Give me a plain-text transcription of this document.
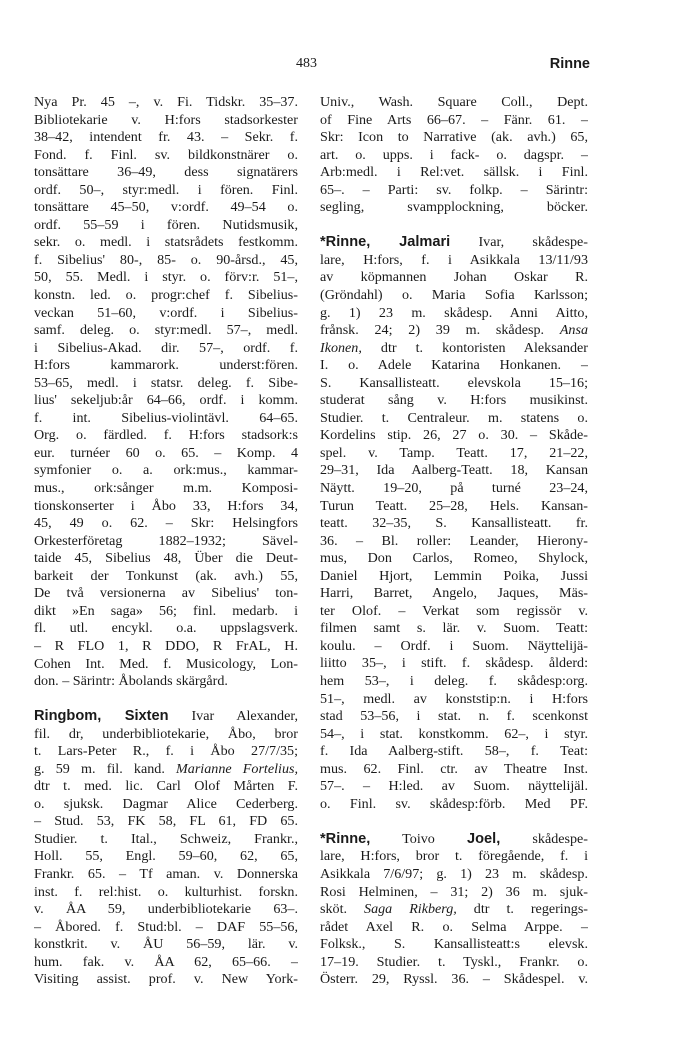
483	Rinne
Nya Pr. 45 –, v. Fi. Tidskr. 35–37.
Bibliotekarie v. H:fors stadsorkester
38–42, intendent fr. 43. – Sekr. f.
Fond. f. Finl. sv. bildkonstnärer o.
tonsättare 36–49, dess signatärers
ordf. 50–, styr:medl. i fören. Finl.
tonsättare 45–50, v:ordf. 49–54 o.
ordf. 55–59 i fören. Nutidsmusik,
sekr. o. medl. i statsrådets festkomm.
f. Sibelius' 80-, 85- o. 90-årsd., 45,
50, 55. Medl. i styr. o. förv:r. 51–,
konstn. led. o. progr:chef f. Sibelius-
veckan 51–60, v:ordf. i Sibelius-
samf. deleg. o. styr:medl. 57–, medl.
i Sibelius-Akad. dir. 57–, ordf. f.
H:fors kammarork. underst:fören.
53–65, medl. i statsr. deleg. f. Sibe-
lius' sekeljub:år 64–66, ordf. i komm.
f. int. Sibelius-violintävl. 64–65.
Org. o. färdled. f. H:fors stadsork:s
eur. turnéer 60 o. 65. – Komp. 4
symfonier o. a. ork:mus., kammar-
mus., ork:sånger m.m. Komposi-
tionskonserter i Åbo 33, H:fors 34,
45, 49 o. 62. – Skr: Helsingfors
Orkesterföretag 1882–1932; Sävel-
taide 45, Sibelius 48, Über die Deut-
barkeit der Tonkunst (ak. avh.) 55,
De två versionerna av Sibelius' ton-
dikt »En saga» 56; finl. medarb. i
fl. utl. encykl. o.a. uppslagsverk.
– R FLO 1, R DDO, R FrAL, H.
Cohen Int. Med. f. Musicology, Lon-
don. – Särintr: Åbolands skärgård.
Ringbom, Sixten Ivar Alexander,
fil. dr, underbibliotekarie, Åbo, bror
t. Lars-Peter R., f. i Åbo 27/7/35;
g. 59 m. fil. kand. Marianne Fortelius,
dtr t. med. lic. Carl Olof Mårten F.
o. sjuksk. Dagmar Alice Cederberg.
– Stud. 53, FK 58, FL 61, FD 65.
Studier. t. Ital., Schweiz, Frankr.,
Holl. 55, Engl. 59–60, 62, 65,
Frankr. 65. – Tf aman. v. Donnerska
inst. f. rel:hist. o. kulturhist. forskn.
v. ÅA 59, underbibliotekarie 63–.
– Åbored. f. Stud:bl. – DAF 55–56,
konstkrit. v. ÅU 56–59, lär. v.
hum. fak. v. ÅA 62, 65–66. –
Visiting assist. prof. v. New York-
Univ., Wash. Square Coll., Dept.
of Fine Arts 66–67. – Fänr. 61. –
Skr: Icon to Narrative (ak. avh.) 65,
art. o. upps. i fack- o. dagspr. –
Arb:medl. i Rel:vet. sällsk. i Finl.
65–. – Parti: sv. folkp. – Särintr:
segling, svampplockning, böcker.
*Rinne, Jalmari Ivar, skådespe-
lare, H:fors, f. i Asikkala 13/11/93
av köpmannen Johan Oskar R.
(Gröndahl) o. Maria Sofia Karlsson;
g. 1) 23 m. skådesp. Anni Aitto,
frånsk. 24; 2) 39 m. skådesp. Ansa
Ikonen, dtr t. kontoristen Aleksander
I. o. Adele Katarina Honkanen. –
S. Kansallisteatt. elevskola 15–16;
studerat sång v. H:fors musikinst.
Studier. t. Centraleur. m. statens o.
Kordelins stip. 26, 27 o. 30. – Skåde-
spel. v. Tamp. Teatt. 17, 21–22,
29–31, Ida Aalberg-Teatt. 18, Kansan
Näytt. 19–20, på turné 23–24,
Turun Teatt. 25–28, Hels. Kansan-
teatt. 32–35, S. Kansallisteatt. fr.
36. – Bl. roller: Leander, Hierony-
mus, Don Carlos, Romeo, Shylock,
Daniel Hjort, Lemmin Poika, Jussi
Harri, Barret, Angelo, Jaques, Mäs-
ter Olof. – Verkat som regissör v.
filmen samt s. lär. v. Suom. Teatt:
koulu. – Ordf. i Suom. Näyttelijä-
liitto 35–, i stift. f. skådesp. ålderd:
hem 53–, i deleg. f. skådesp:org.
51–, medl. av konststip:n. i H:fors
stad 53–56, i stat. n. f. scenkonst
54–, i stat. konstkomm. 62–, i styr.
f. Ida Aalberg-stift. 58–, f. Teat:
mus. 62. Finl. ctr. av Theatre Inst.
57–. – H:led. av Suom. näyttelijäl.
o. Finl. sv. skådesp:förb. Med PF.
*Rinne, Toivo Joel, skådespe-
lare, H:fors, bror t. föregående, f. i
Asikkala 7/6/97; g. 1) 23 m. skådesp.
Rosi Helminen, – 31; 2) 36 m. sjuk-
sköt. Saga Rikberg, dtr t. regerings-
rådet Axel R. o. Selma Arppe. –
Folksk., S. Kansallisteatt:s elevsk.
17–19. Studier. t. Tyskl., Frankr. o.
Österr. 29, Ryssl. 36. – Skådespel. v.
